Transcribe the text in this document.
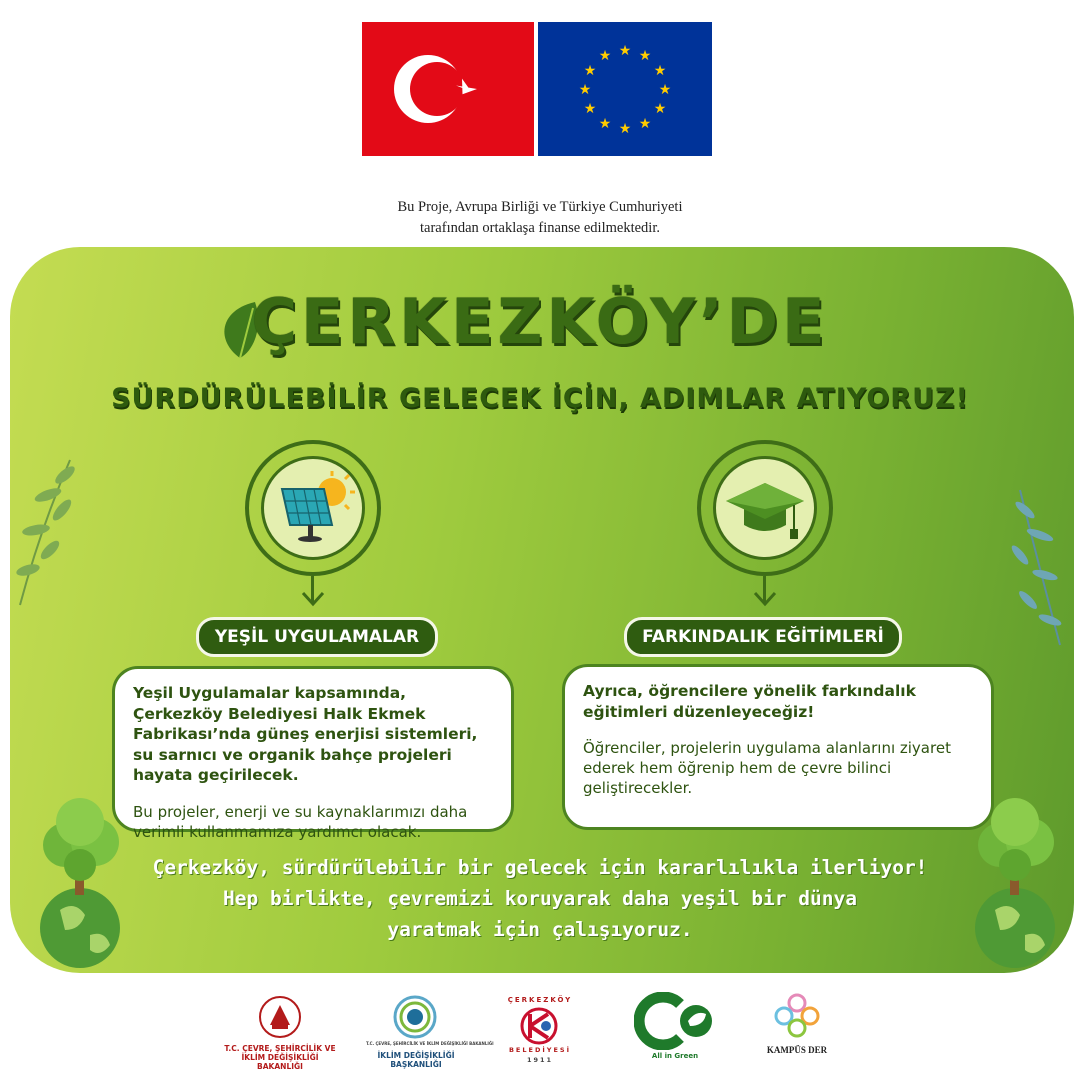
★ ★
★
★
★
★
★
★
★
★
★
★
Bu Proje, Avrupa Birliği ve Türkiye Cumhuriyeti
tarafından ortaklaşa finanse edilmektedir.
ÇERKEZKÖY’DE
SÜRDÜRÜLEBİLİR GELECEK İÇİN, ADIMLAR ATIYORUZ!
YEŞİL UYGULAMALAR	FARKINDALIK EĞİTİMLERİ

Yeşil Uygulamalar kapsamında, Çerkezköy Belediyesi Halk Ekmek Fabrikası’nda güneş enerjisi sistemleri, su sarnıcı ve organik bahçe projeleri hayata geçirilecek.

Bu projeler, enerji ve su kaynaklarımızı daha verimli kullanmamıza yardımcı olacak.

Ayrıca, öğrencilere yönelik farkındalık eğitimleri düzenleyeceğiz!

Öğrenciler, projelerin uygulama alanlarını ziyaret ederek hem öğrenip hem de çevre bilinci geliştirecekler.

Çerkezköy, sürdürülebilir bir gelecek için kararlılıkla ilerliyor!
Hep birlikte, çevremizi koruyarak daha yeşil bir dünya
yaratmak için çalışıyoruz.
T.C. ÇEVRE, ŞEHİRCİLİK VE İKLİM DEĞİŞİKLİĞİ BAKANLIĞI
T.C. ÇEVRE, ŞEHİRCİLİK VE İKLİM DEĞİŞİKLİĞİ BAKANLIĞI
İKLİM DEĞİŞİKLİĞİ
BAŞKANLIĞI
ÇERKEZKÖY
BELEDİYESİ
1911	All in Green
KAMPÜS DER
